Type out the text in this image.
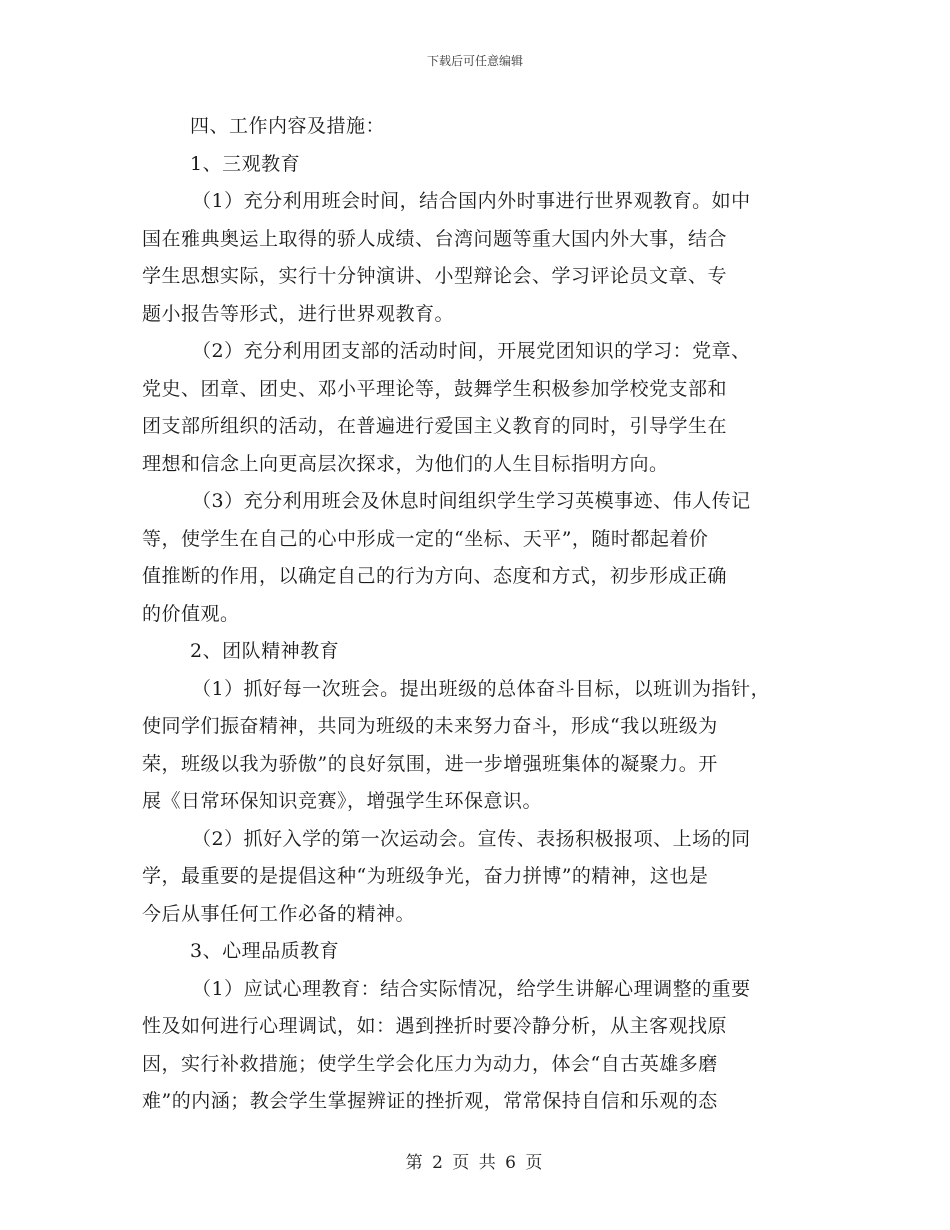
下载后可任意编辑
四、工作内容及措施：
1、三观教育
（1）充分利用班会时间，结合国内外时事进行世界观教育。如中
国在雅典奥运上取得的骄人成绩、台湾问题等重大国内外大事，结合
学生思想实际，实行十分钟演讲、小型辩论会、学习评论员文章、专
题小报告等形式，进行世界观教育。
（2）充分利用团支部的活动时间，开展党团知识的学习：党章、
党史、团章、团史、邓小平理论等，鼓舞学生积极参加学校党支部和
团支部所组织的活动，在普遍进行爱国主义教育的同时，引导学生在
理想和信念上向更高层次探求，为他们的人生目标指明方向。
（3）充分利用班会及休息时间组织学生学习英模事迹、伟人传记
等，使学生在自己的心中形成一定的“坐标、天平”，随时都起着价
值推断的作用，以确定自己的行为方向、态度和方式，初步形成正确
的价值观。
2、团队精神教育
（1）抓好每一次班会。提出班级的总体奋斗目标，以班训为指针，
使同学们振奋精神，共同为班级的未来努力奋斗，形成“我以班级为
荣，班级以我为骄傲”的良好氛围，进一步增强班集体的凝聚力。开
展《日常环保知识竞赛》，增强学生环保意识。
（2）抓好入学的第一次运动会。宣传、表扬积极报项、上场的同
学，最重要的是提倡这种“为班级争光，奋力拼博”的精神，这也是
今后从事任何工作必备的精神。
3、心理品质教育
（1）应试心理教育：结合实际情况，给学生讲解心理调整的重要
性及如何进行心理调试，如：遇到挫折时要冷静分析，从主客观找原
因，实行补救措施；使学生学会化压力为动力，体会“自古英雄多磨
难”的内涵；教会学生掌握辨证的挫折观，常常保持自信和乐观的态
第 2 页 共 6 页
